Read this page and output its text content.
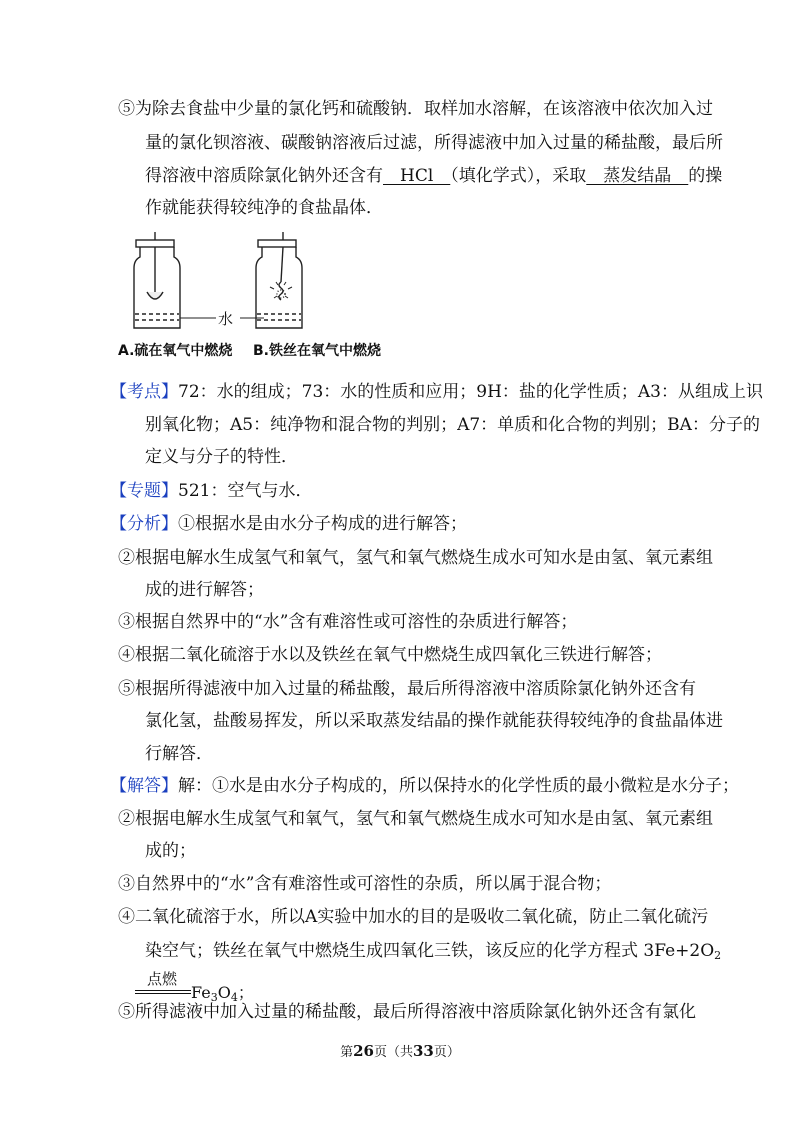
⑤为除去食盐中少量的氯化钙和硫酸钠．取样加水溶解，在该溶液中依次加入过
量的氯化钡溶液、碳酸钠溶液后过滤，所得滤液中加入过量的稀盐酸，最后所
得溶液中溶质除氯化钠外还含有　HCl　（填化学式），采取　蒸发结晶　的操
作就能获得较纯净的食盐晶体．
水
A.硫在氧气中燃烧 B.铁丝在氧气中燃烧
【考点】72：水的组成；73：水的性质和应用；9H：盐的化学性质；A3：从组成上识
别氧化物；A5：纯净物和混合物的判别；A7：单质和化合物的判别；BA：分子的
定义与分子的特性．
【专题】521：空气与水．
【分析】①根据水是由水分子构成的进行解答；
②根据电解水生成氢气和氧气，氢气和氧气燃烧生成水可知水是由氢、氧元素组
成的进行解答；
③根据自然界中的“水”含有难溶性或可溶性的杂质进行解答；
④根据二氧化硫溶于水以及铁丝在氧气中燃烧生成四氧化三铁进行解答；
⑤根据所得滤液中加入过量的稀盐酸，最后所得溶液中溶质除氯化钠外还含有
氯化氢，盐酸易挥发，所以采取蒸发结晶的操作就能获得较纯净的食盐晶体进
行解答．
【解答】解：①水是由水分子构成的，所以保持水的化学性质的最小微粒是水分子；
②根据电解水生成氢气和氧气，氢气和氧气燃烧生成水可知水是由氢、氧元素组
成的；
③自然界中的“水”含有难溶性或可溶性的杂质，所以属于混合物；
④二氧化硫溶于水，所以A实验中加水的目的是吸收二氧化硫，防止二氧化硫污
染空气；铁丝在氧气中燃烧生成四氧化三铁，该反应的化学方程式 $3Fe+2O_2$
点燃
$Fe_3O_4$；
⑤所得滤液中加入过量的稀盐酸，最后所得溶液中溶质除氯化钠外还含有氯化
第26页（共33页）
